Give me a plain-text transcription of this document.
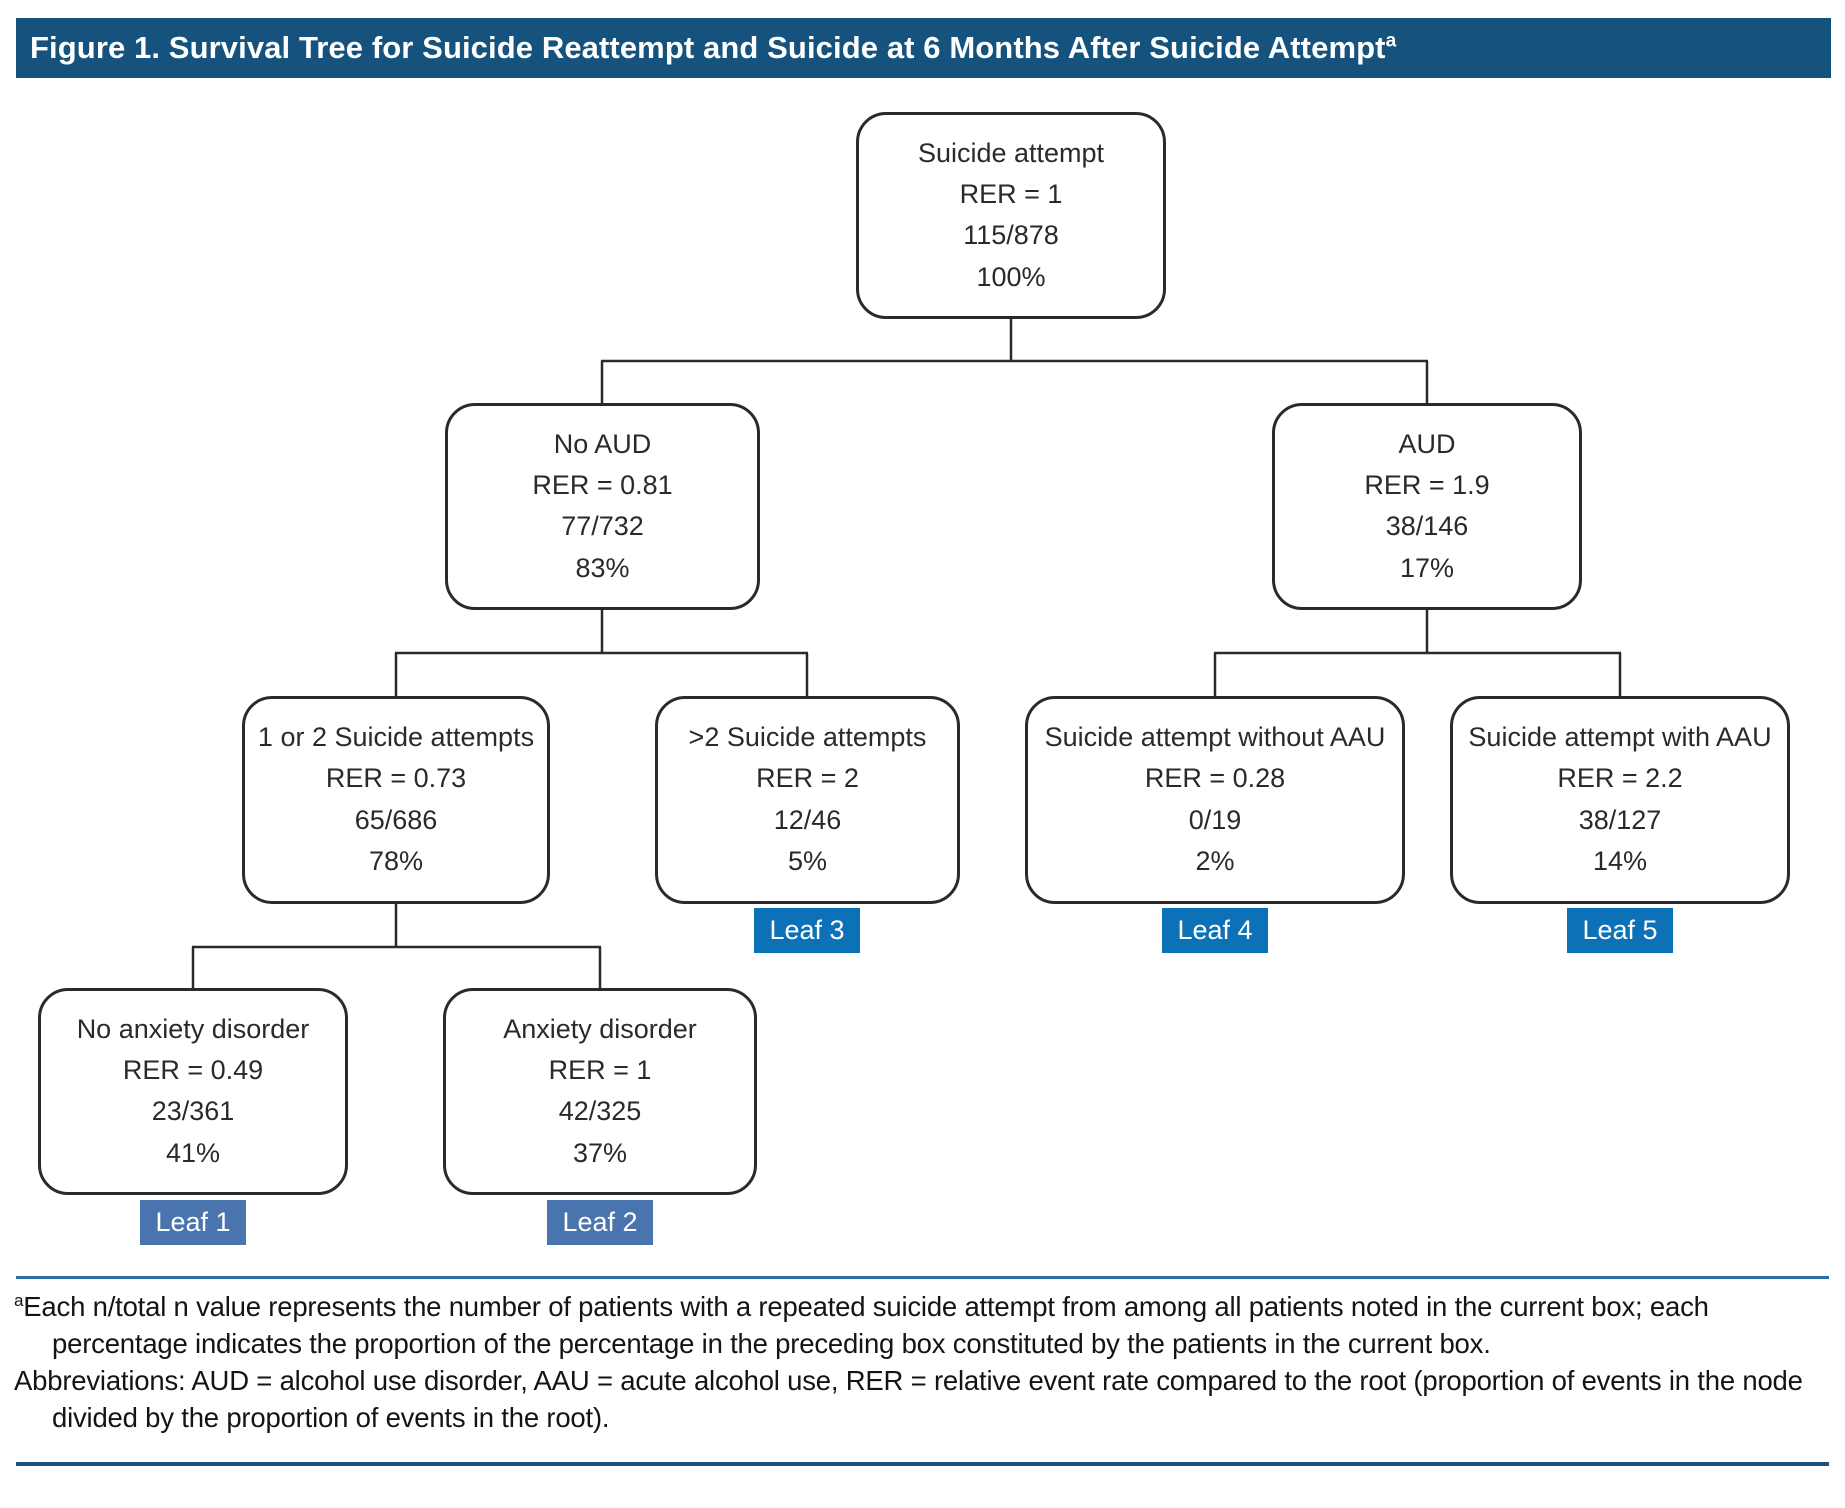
Figure 1. Survival Tree for Suicide Reattempt and Suicide at 6 Months After Suicide Attempt$^a$
Suicide attempt
RER = 1
115/878
100%
No AUD
RER = 0.81
77/732
83%
AUD
RER = 1.9
38/146
17%
1 or 2 Suicide attempts
RER = 0.73
65/686
78%
>2 Suicide attempts
RER = 2
12/46
5%
Suicide attempt without AAU
RER = 0.28
0/19
2%
Suicide attempt with AAU
RER = 2.2
38/127
14%
No anxiety disorder
RER = 0.49
23/361
41%
Anxiety disorder
RER = 1
42/325
37%
Leaf 1	Leaf 2
Leaf 3	Leaf 4	Leaf 5

$^a$Each n/total n value represents the number of patients with a repeated suicide attempt from among all patients noted in the current box; each percentage indicates the proportion of the percentage in the preceding box constituted by the patients in the current box.

Abbreviations: AUD = alcohol use disorder, AAU = acute alcohol use, RER = relative event rate compared to the root (proportion of events in the node divided by the proportion of events in the root).
